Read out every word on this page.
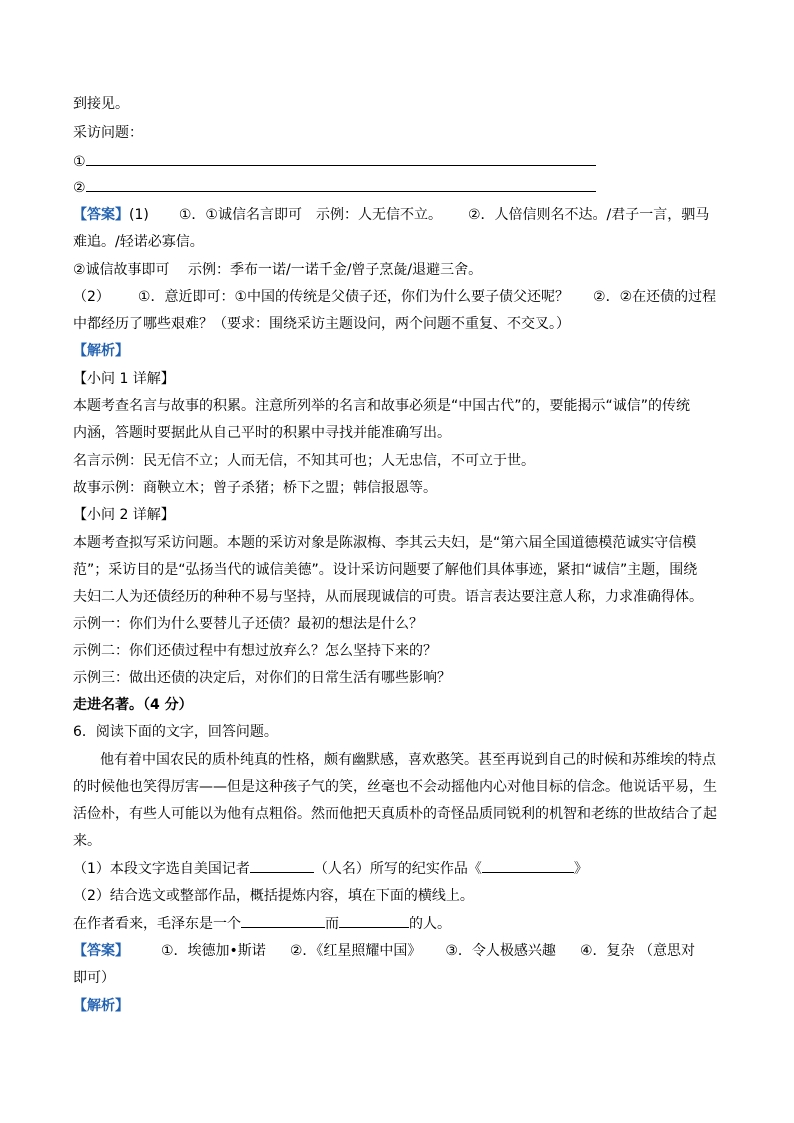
到接见。
采访问题：
①
②
【答案】(1) ①．①诚信名言即可　示例：人无信不立。 ②．人倍信则名不达。/君子一言，驷马
难追。/轻诺必寡信。
②诚信故事即可　 示例：季布一诺/一诺千金/曾子烹彘/退避三舍。
（2） ①．意近即可：①中国的传统是父债子还，你们为什么要子债父还呢？ ②．②在还债的过程
中都经历了哪些艰难？（要求：围绕采访主题设问，两个问题不重复、不交叉。）
【解析】
【小问 1 详解】
本题考查名言与故事的积累。注意所列举的名言和故事必须是“中国古代”的，要能揭示“诚信”的传统
内涵，答题时要据此从自己平时的积累中寻找并能准确写出。
名言示例：民无信不立；人而无信，不知其可也；人无忠信，不可立于世。
故事示例：商鞅立木；曾子杀猪；桥下之盟；韩信报恩等。
【小问 2 详解】
本题考查拟写采访问题。本题的采访对象是陈淑梅、李其云夫妇，是“第六届全国道德模范诚实守信模
范”；采访目的是“弘扬当代的诚信美德”。设计采访问题要了解他们具体事迹，紧扣“诚信”主题，围绕
夫妇二人为还债经历的种种不易与坚持，从而展现诚信的可贵。语言表达要注意人称，力求准确得体。
示例一：你们为什么要替儿子还债？最初的想法是什么？
示例二：你们还债过程中有想过放弃么？怎么坚持下来的？
示例三：做出还债的决定后，对你们的日常生活有哪些影响？
走进名著。（4 分）
6．阅读下面的文字，回答问题。
他有着中国农民的质朴纯真的性格，颇有幽默感，喜欢憨笑。甚至再说到自己的时候和苏维埃的特点
的时候他也笑得厉害——但是这种孩子气的笑，丝毫也不会动摇他内心对他目标的信念。他说话平易，生
活俭朴，有些人可能以为他有点粗俗。然而他把天真质朴的奇怪品质同锐利的机智和老练的世故结合了起
来。
（1）本段文字选自美国记者	（人名）所写的纪实作品《	》
（2）结合选文或整部作品，概括提炼内容，填在下面的横线上。
在作者看来，毛泽东是一个	而	的人。
【答案】 ①．埃德加•斯诺 ②．《红星照耀中国》 ③．令人极感兴趣 ④．复杂 （意思对
即可）
【解析】
